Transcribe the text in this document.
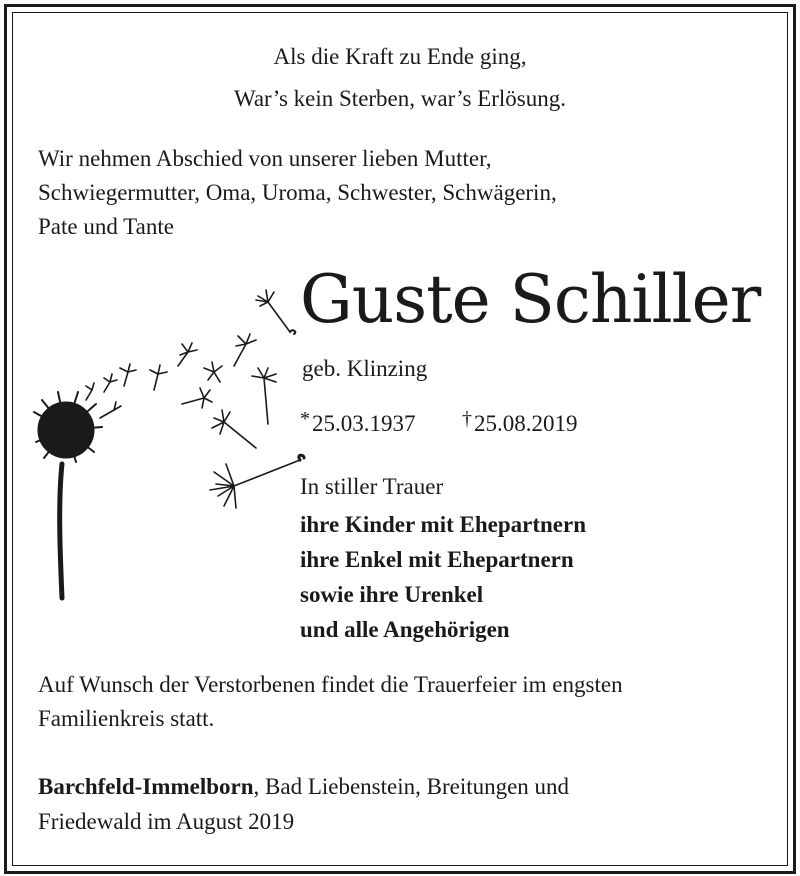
Als die Kraft zu Ende ging,
War’s kein Sterben, war’s Erlösung.
Wir nehmen Abschied von unserer lieben Mutter,
Schwiegermutter, Oma, Uroma, Schwester, Schwägerin,
Pate und Tante
Guste Schiller
geb. Klinzing
*25.03.1937 †25.08.2019
In stiller Trauer
ihre Kinder mit Ehepartnern
ihre Enkel mit Ehepartnern
sowie ihre Urenkel
und alle Angehörigen
Auf Wunsch der Verstorbenen findet die Trauerfeier im engsten
Familienkreis statt.
Barchfeld-Immelborn, Bad Liebenstein, Breitungen und
Friedewald im August 2019
